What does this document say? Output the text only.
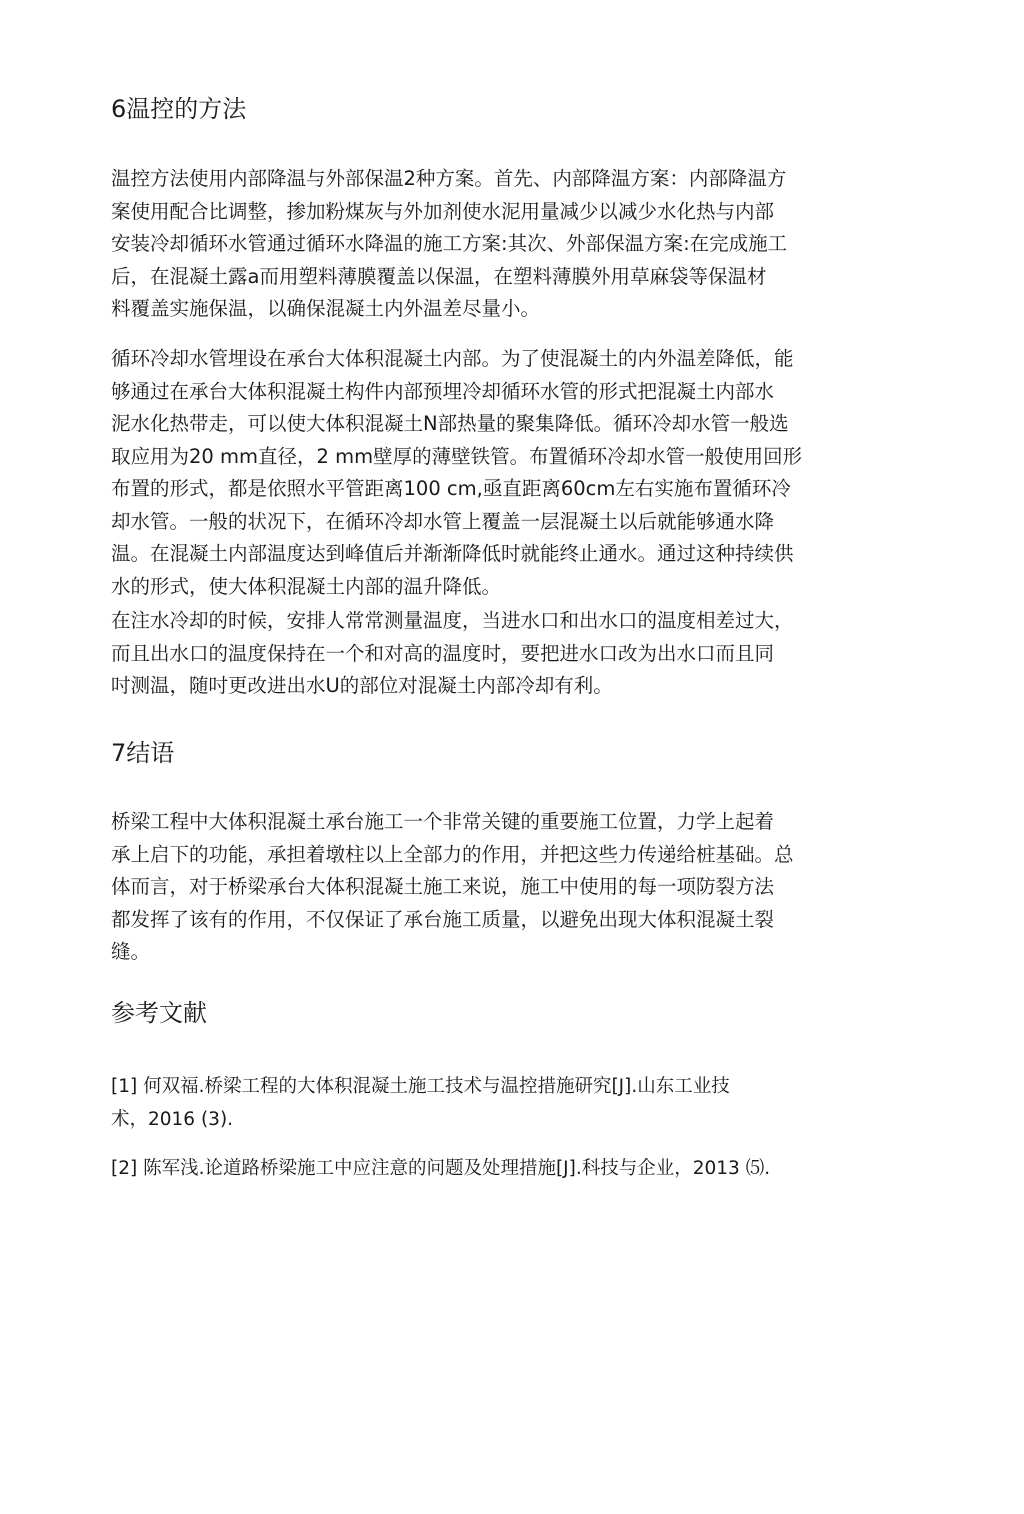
6温控的方法
温控方法使用内部降温与外部保温2种方案。首先、内部降温方案：内部降温方
案使用配合比调整，掺加粉煤灰与外加剂使水泥用量减少以减少水化热与内部
安装冷却循环水管通过循环水降温的施工方案:其次、外部保温方案:在完成施工
后，在混凝土露a而用塑料薄膜覆盖以保温，在塑料薄膜外用草麻袋等保温材
料覆盖实施保温，以确保混凝土内外温差尽量小。
循环冷却水管埋设在承台大体积混凝土内部。为了使混凝土的内外温差降低，能
够通过在承台大体积混凝土构件内部预埋冷却循环水管的形式把混凝土内部水
泥水化热带走，可以使大体积混凝土N部热量的聚集降低。循环冷却水管一般选
取应用为20 mm直径，2 mm壁厚的薄壁铁管。布置循环冷却水管一般使用回形
布置的形式，都是依照水平管距离100 cm,亟直距离60cm左右实施布置循环冷
却水管。一般的状况下，在循环冷却水管上覆盖一层混凝土以后就能够通水降
温。在混凝土内部温度达到峰值后并渐渐降低时就能终止通水。通过这种持续供
水的形式，使大体积混凝土内部的温升降低。
在注水冷却的时候，安排人常常测量温度，当进水口和出水口的温度相差过大，
而且出水口的温度保持在一个和对高的温度时，要把进水口改为出水口而且同
吋测温，随吋更改进出水U的部位对混凝土内部冷却有利。
7结语
桥梁工程中大体积混凝土承台施工一个非常关键的重要施工位置，力学上起着
承上启下的功能，承担着墩柱以上全部力的作用，并把这些力传递给桩基础。总
体而言，对于桥梁承台大体积混凝土施工来说，施工中使用的每一项防裂方法
都发挥了该有的作用，不仅保证了承台施工质量，以避免出现大体积混凝土裂
缝。
参考文献
[1] 何双福.桥梁工程的大体积混凝土施工技术与温控措施研究[J].山东工业技
术，2016 (3).
[2] 陈军浅.论道路桥梁施工中应注意的问题及处理措施[J].科技与企业，2013 ⑸.
